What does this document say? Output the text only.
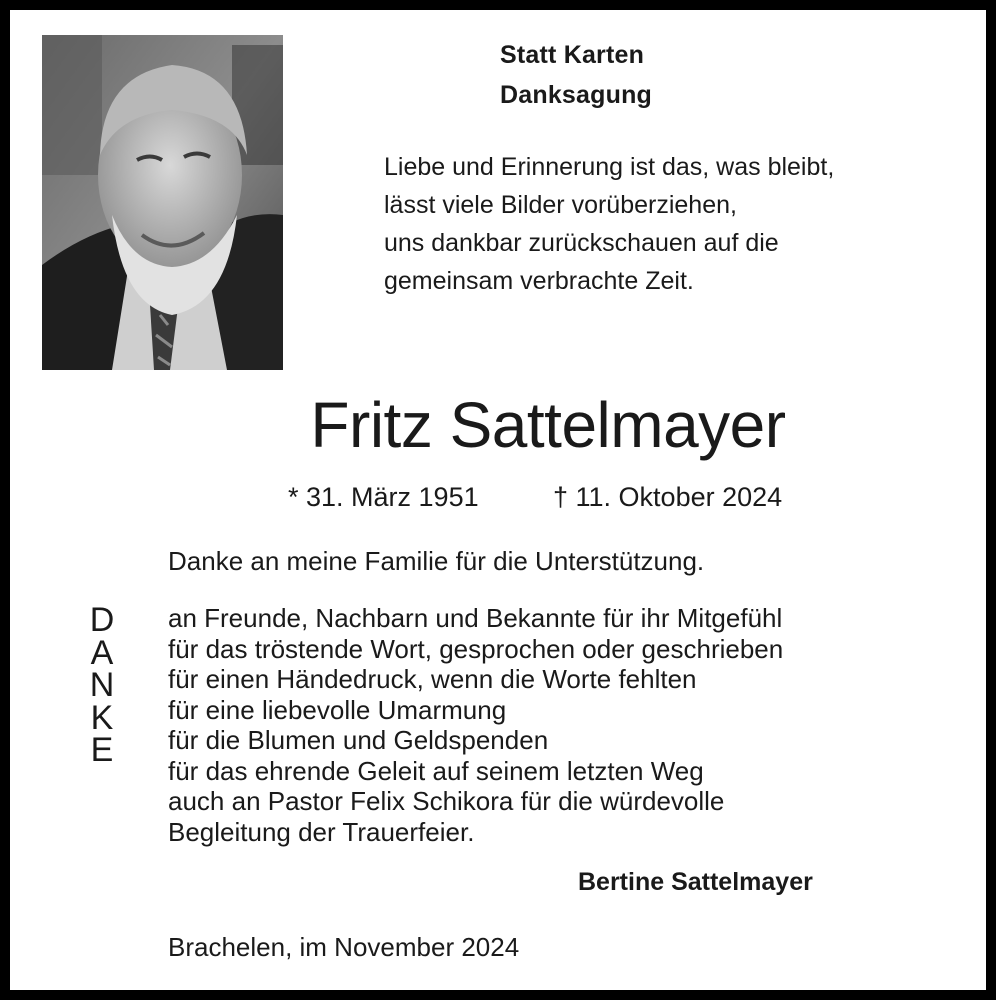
Statt Karten
Danksagung
Liebe und Erinnerung ist das, was bleibt,
lässt viele Bilder vorüberziehen,
uns dankbar zurückschauen auf die
gemeinsam verbrachte Zeit.
Fritz Sattelmayer
* 31. März 1951	† 11. Oktober 2024
Danke an meine Familie für die Unterstützung.
D
A
N
K
E
an Freunde, Nachbarn und Bekannte für ihr Mitgefühl
für das tröstende Wort, gesprochen oder geschrieben
für einen Händedruck, wenn die Worte fehlten
für eine liebevolle Umarmung
für die Blumen und Geldspenden
für das ehrende Geleit auf seinem letzten Weg
auch an Pastor Felix Schikora für die würdevolle
Begleitung der Trauerfeier.
Bertine Sattelmayer
Brachelen, im November 2024
